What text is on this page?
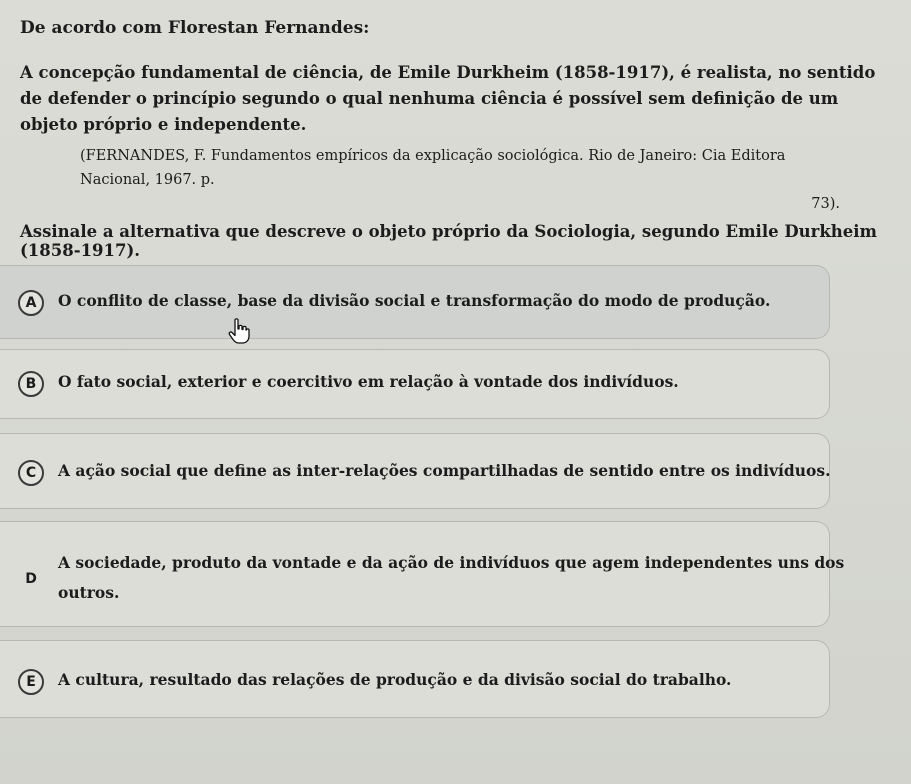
De acordo com Florestan Fernandes:
A concepção fundamental de ciência, de Emile Durkheim (1858-1917), é realista, no sentido de defender o princípio segundo o qual nenhuma ciência é possível sem definição de um objeto próprio e independente.
(FERNANDES, F. Fundamentos empíricos da explicação sociológica. Rio de Janeiro: Cia Editora Nacional, 1967. p.
73).
Assinale a alternativa que descreve o objeto próprio da Sociologia, segundo Emile Durkheim (1858-1917).
A	O conflito de classe, base da divisão social e transformação do modo de produção.
B	O fato social, exterior e coercitivo em relação à vontade dos indivíduos.
C	A ação social que define as inter-relações compartilhadas de sentido entre os indivíduos.
D
A sociedade, produto da vontade e da ação de indivíduos que agem independentes uns dos
outros.
E	A cultura, resultado das relações de produção e da divisão social do trabalho.
